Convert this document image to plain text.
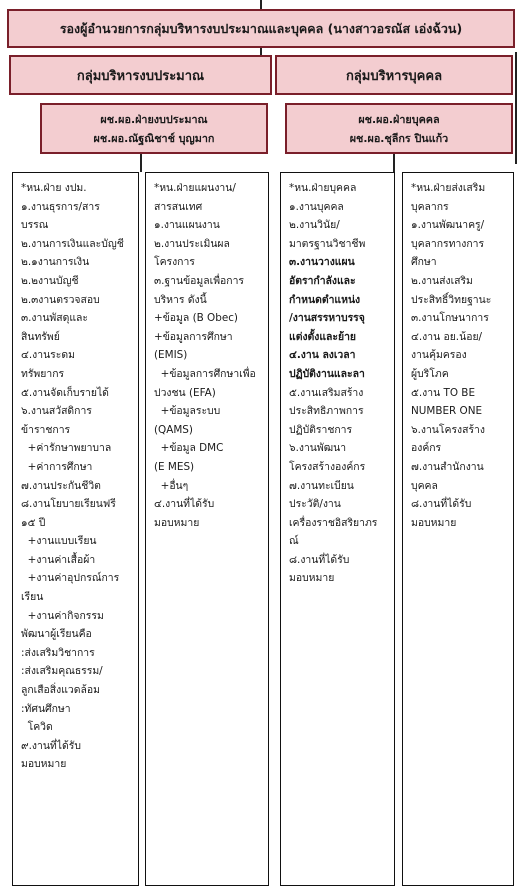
รองผู้อำนวยการกลุ่มบริหารงบประมาณและบุคคล (นางสาวอรณัส เอ่งฉ้วน)
กลุ่มบริหารงบประมาณ	กลุ่มบริหารบุคคล
ผช.ผอ.ฝ่ายงบประมาณ
ผช.ผอ.ณัฐณิชาช์ บุญมาก
ผช.ผอ.ฝ่ายบุคคล
ผช.ผอ.ชุลีกร ปินแก้ว
*หน.ฝ่าย งปม.
๑.งานธุรการ/สาร
บรรณ
๒.งานการเงินและบัญชี
๒.๑งานการเงิน
๒.๒งานบัญชี
๒.๓งานตรวจสอบ
๓.งานพัสดุและ
สินทรัพย์
๔.งานระดม
ทรัพยากร
๕.งานจัดเก็บรายได้
๖.งานสวัสดิการ
ข้าราชการ
+ค่ารักษาพยาบาล
+ค่าการศึกษา
๗.งานประกันชีวิต
๘.งานโยบายเรียนฟรี
๑๕ ปี
+งานแบบเรียน
+งานค่าเสื้อผ้า
+งานค่าอุปกรณ์การ
เรียน
+งานค่ากิจกรรม
พัฒนาผู้เรียนคือ
:ส่งเสริมวิชาการ
:ส่งเสริมคุณธรรม/
ลูกเสือสิ่งแวดล้อม
:ทัศนศึกษา
โควิด
๙.งานที่ได้รับ
มอบหมาย
*หน.ฝ่ายแผนงาน/
สารสนเทศ
๑.งานแผนงาน
๒.งานประเมินผล
โครงการ
๓.ฐานข้อมูลเพื่อการ
บริหาร ดังนี้
+ข้อมูล (B Obec)
+ข้อมูลการศึกษา
(EMIS)
+ข้อมูลการศึกษาเพื่อ
ปวงชน (EFA)
+ข้อมูลระบบ
(QAMS)
+ข้อมูล DMC
(E MES)
+อื่นๆ
๔.งานที่ได้รับ
มอบหมาย
*หน.ฝ่ายบุคคล
๑.งานบุคคล
๒.งานวินัย/
มาตรฐานวิชาชีพ
๓.งานวางแผน
อัตรากำลังและ
กำหนดตำแหน่ง
/งานสรรหาบรรจุ
แต่งตั้งและย้าย
๔.งาน ลงเวลา
ปฏิบัติงานและลา
๕.งานเสริมสร้าง
ประสิทธิภาพการ
ปฏิบัติราชการ
๖.งานพัฒนา
โครงสร้างองค์กร
๗.งานทะเบียน
ประวัติ/งาน
เครื่องราชอิสริยาภร
ณ์
๘.งานที่ได้รับ
มอบหมาย
*หน.ฝ่ายส่งเสริม
บุคลากร
๑.งานพัฒนาครู/
บุคลากรทางการ
ศึกษา
๒.งานส่งเสริม
ประสิทธิ์วิทยฐานะ
๓.งานโกษนาการ
๔.งาน อย.น้อย/
งานคุ้มครอง
ผู้บริโภค
๕.งาน TO BE
NUMBER ONE
๖.งานโครงสร้าง
องค์กร
๗.งานสำนักงาน
บุคคล
๘.งานที่ได้รับ
มอบหมาย
